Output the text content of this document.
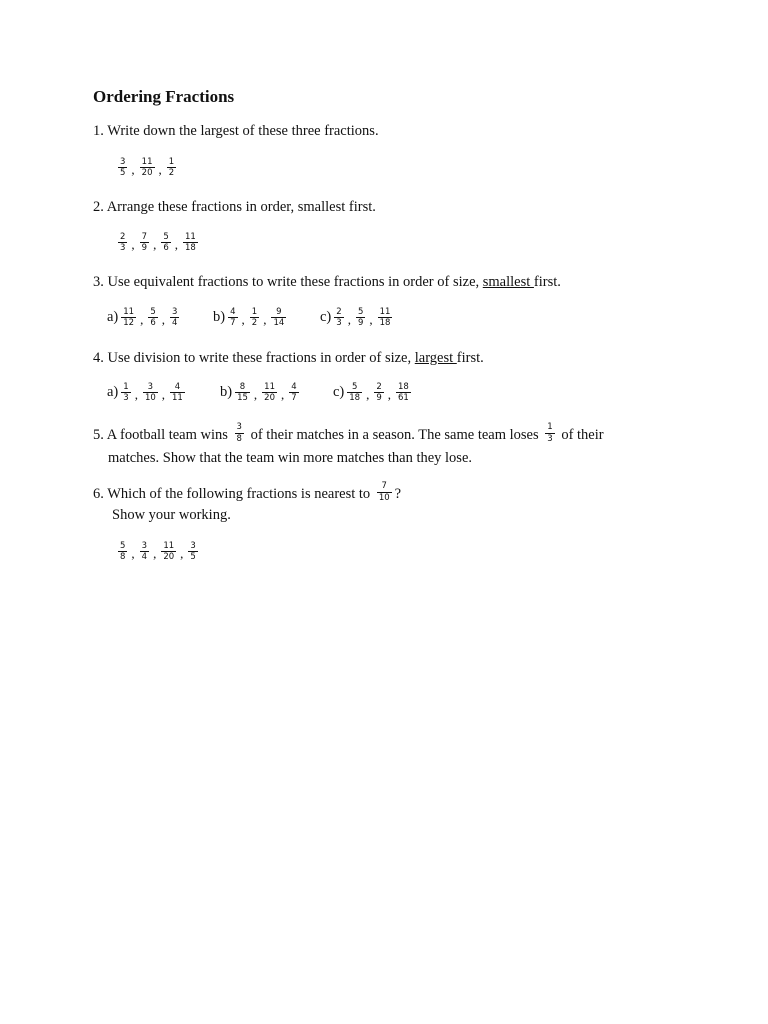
Ordering Fractions
1. Write down the largest of these three fractions.
$\frac{3}{5}$ , $\frac{11}{20}$ , $\frac{1}{2}$
2. Arrange these fractions in order, smallest first.
$\frac{2}{3}$ , $\frac{7}{9}$ , $\frac{5}{6}$ , $\frac{11}{18}$
3. Use equivalent fractions to write these fractions in order of size, smallest first.
$a) \frac{11}{12}$ , $\frac{5}{6}$ , $\frac{3}{4} b) \frac{4}{7}$ , $\frac{1}{2}$ , $\frac{9}{14} c) \frac{2}{3}$ , $\frac{5}{9}$ , $\frac{11}{18}$
4. Use division to write these fractions in order of size, largest first.
$a) \frac{1}{3}$ , $\frac{3}{10}$ , $\frac{4}{11} b) \frac{8}{15}$ , $\frac{11}{20}$ , $\frac{4}{7} c) \frac{5}{18}$ , $\frac{2}{9}$ , $\frac{18}{61}$
5. A football team wins $\frac{3}{8}$ of their matches in a season. The same team loses $\frac{1}{3}$ of their
matches. Show that the team win more matches than they lose.
6. Which of the following fractions is nearest to $\frac{7}{10}$ ?
Show your working.
$\frac{5}{8}$ , $\frac{3}{4}$ , $\frac{11}{20}$ , $\frac{3}{5}$
